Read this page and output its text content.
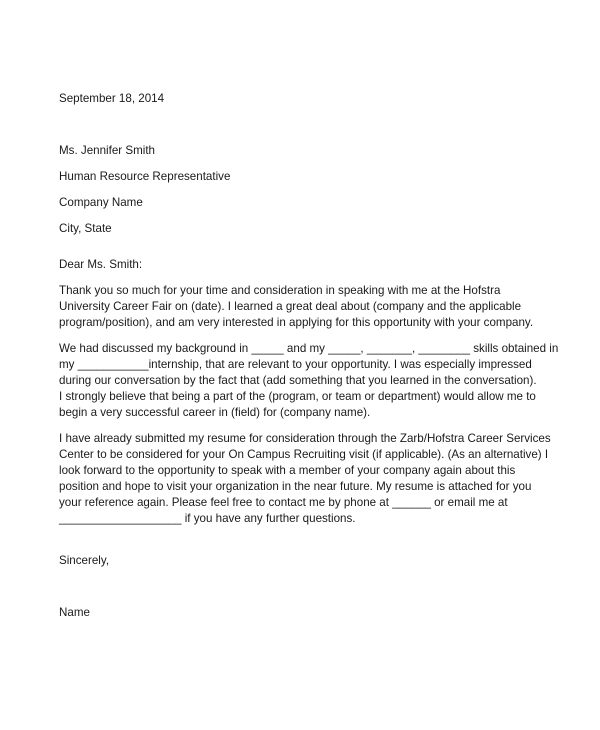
September 18, 2014
Ms. Jennifer Smith
Human Resource Representative
Company Name
City, State
Dear Ms. Smith:
Thank you so much for your time and consideration in speaking with me at the Hofstra
University Career Fair on (date). I learned a great deal about (company and the applicable
program/position), and am very interested in applying for this opportunity with your company.
We had discussed my background in _____ and my _____, _______, ________ skills obtained in
my ___________internship, that are relevant to your opportunity. I was especially impressed
during our conversation by the fact that (add something that you learned in the conversation).
I strongly believe that being a part of the (program, or team or department) would allow me to
begin a very successful career in (field) for (company name).
I have already submitted my resume for consideration through the Zarb/Hofstra Career Services
Center to be considered for your On Campus Recruiting visit (if applicable). (As an alternative) I
look forward to the opportunity to speak with a member of your company again about this
position and hope to visit your organization in the near future. My resume is attached for you
your reference again. Please feel free to contact me by phone at ______ or email me at
___________________ if you have any further questions.
Sincerely,
Name
